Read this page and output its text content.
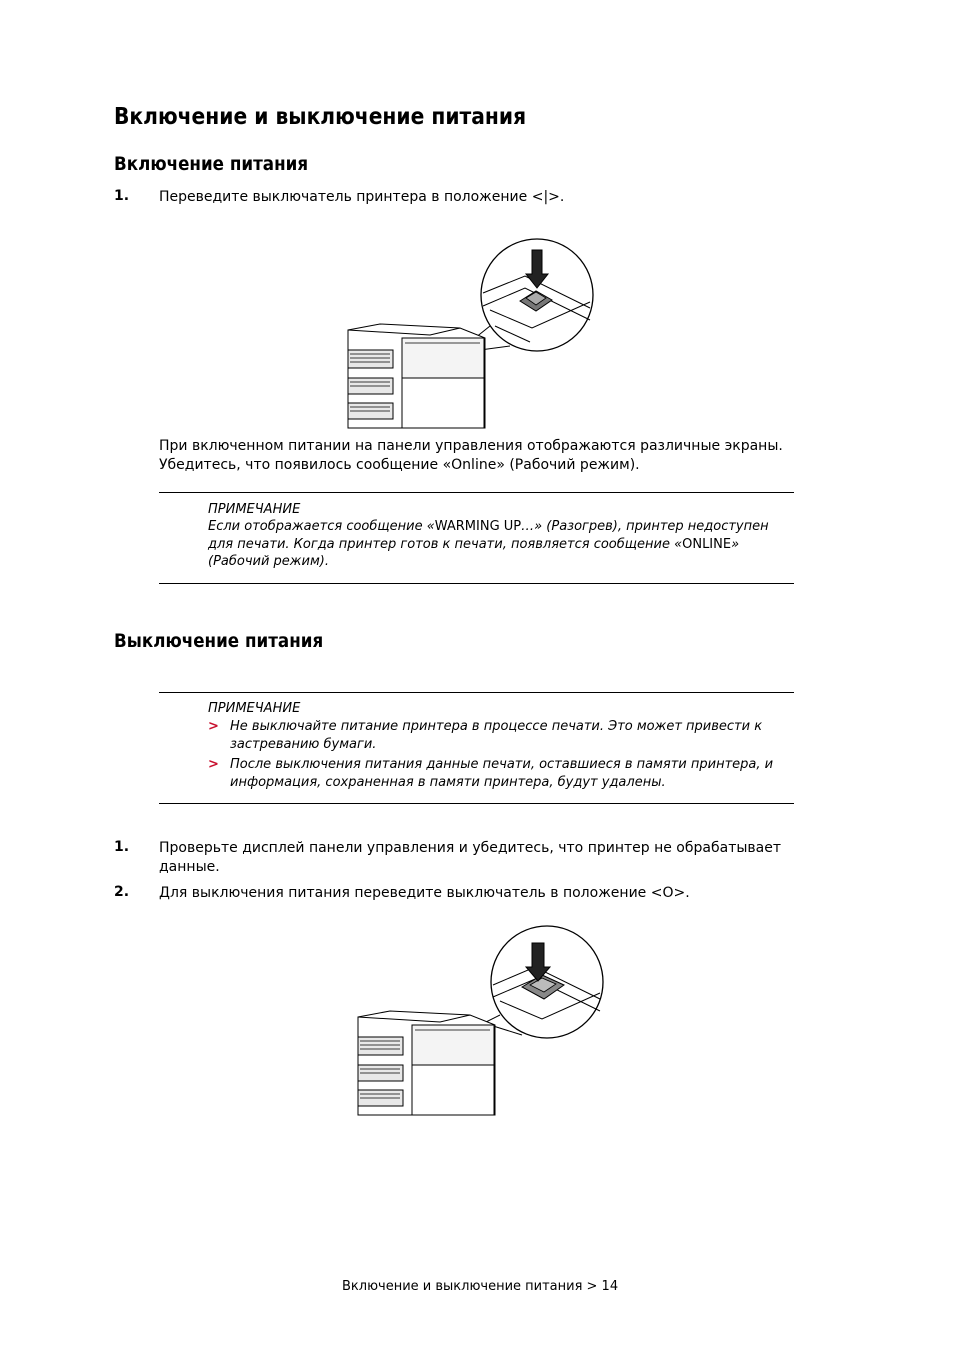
Включение и выключение питания
Включение питания
1. Переведите выключатель принтера в положение <|>.
При включенном питании на панели управления отображаются различные экраны. Убедитесь, что появилось сообщение «Online» (Рабочий режим).
ПРИМЕЧАНИЕ
Если отображается сообщение «WARMING UP…» (Разогрев), принтер недоступен для печати. Когда принтер готов к печати, появляется сообщение «ONLINE» (Рабочий режим).
Выключение питания
ПРИМЕЧАНИЕ
> Не выключайте питание принтера в процессе печати. Это может привести к застреванию бумаги.
> После выключения питания данные печати, оставшиеся в памяти принтера, и информация, сохраненная в памяти принтера, будут удалены.
1. Проверьте дисплей панели управления и убедитесь, что принтер не обрабатывает данные.
2. Для выключения питания переведите выключатель в положение <O>.
Включение и выключение питания > 14
